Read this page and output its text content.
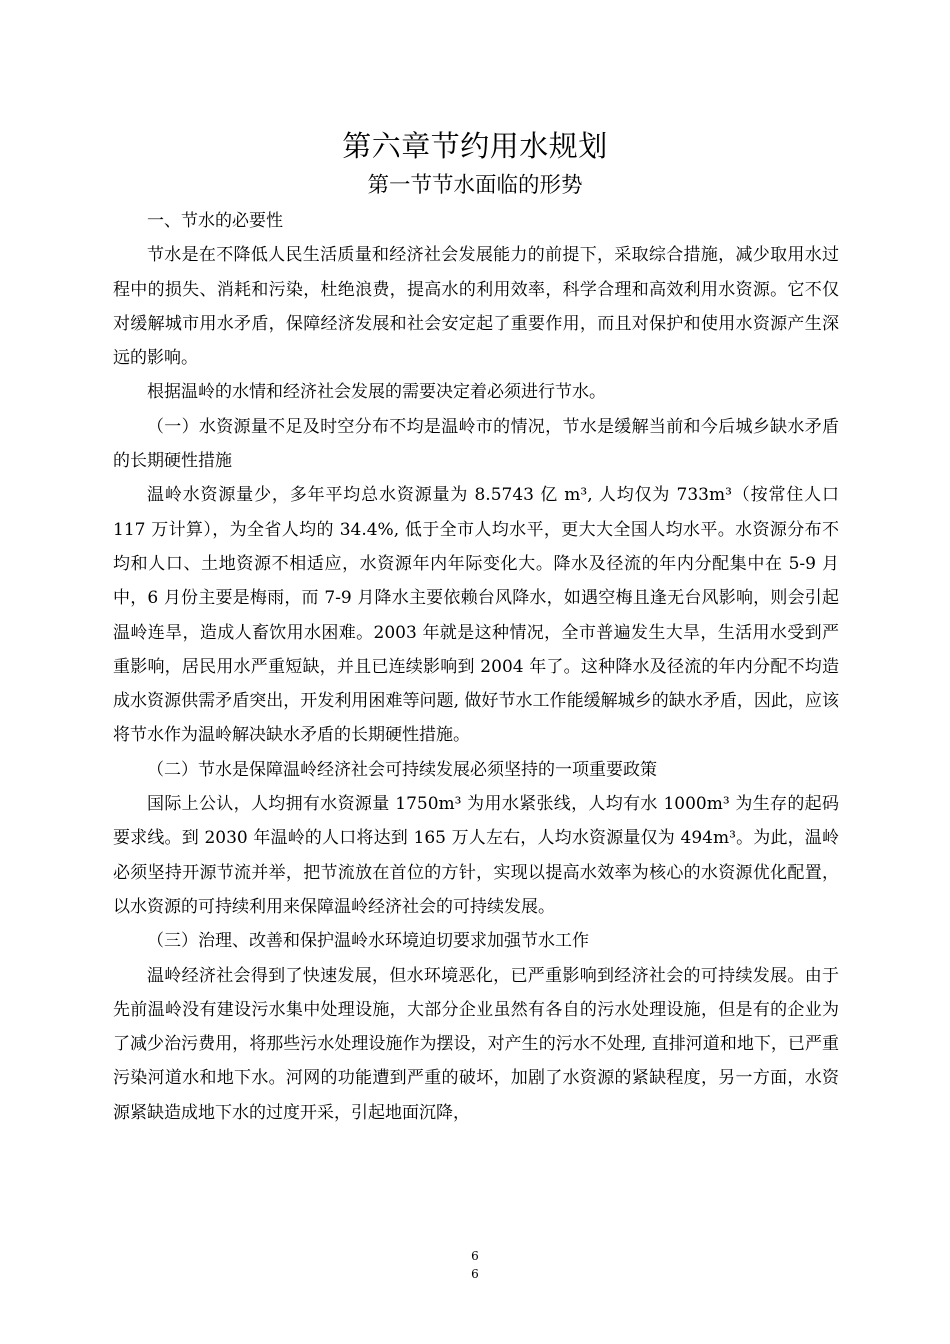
第六章节约用水规划
第一节节水面临的形势

一、节水的必要性

节水是在不降低人民生活质量和经济社会发展能力的前提下，采取综合措施，减少取用水过程中的损失、消耗和污染，杜绝浪费，提高水的利用效率，科学合理和高效利用水资源。它不仅对缓解城市用水矛盾，保障经济发展和社会安定起了重要作用，而且对保护和使用水资源产生深远的影响。

根据温岭的水情和经济社会发展的需要决定着必须进行节水。

（一）水资源量不足及时空分布不均是温岭市的情况，节水是缓解当前和今后城乡缺水矛盾的长期硬性措施

温岭水资源量少，多年平均总水资源量为 8.5743 亿 m³, 人均仅为 733m³（按常住人口 117 万计算），为全省人均的 34.4%, 低于全市人均水平，更大大全国人均水平。水资源分布不均和人口、土地资源不相适应，水资源年内年际变化大。降水及径流的年内分配集中在 5-9 月中，6 月份主要是梅雨，而 7-9 月降水主要依赖台风降水，如遇空梅且逢无台风影响，则会引起温岭连旱，造成人畜饮用水困难。2003 年就是这种情况，全市普遍发生大旱，生活用水受到严重影响，居民用水严重短缺，并且已连续影响到 2004 年了。这种降水及径流的年内分配不均造成水资源供需矛盾突出，开发利用困难等问题, 做好节水工作能缓解城乡的缺水矛盾，因此，应该将节水作为温岭解决缺水矛盾的长期硬性措施。

（二）节水是保障温岭经济社会可持续发展必须坚持的一项重要政策

国际上公认，人均拥有水资源量 1750m³ 为用水紧张线，人均有水 1000m³ 为生存的起码要求线。到 2030 年温岭的人口将达到 165 万人左右，人均水资源量仅为 494m³。为此，温岭必须坚持开源节流并举，把节流放在首位的方针，实现以提高水效率为核心的水资源优化配置，以水资源的可持续利用来保障温岭经济社会的可持续发展。

（三）治理、改善和保护温岭水环境迫切要求加强节水工作

温岭经济社会得到了快速发展，但水环境恶化，已严重影响到经济社会的可持续发展。由于先前温岭没有建设污水集中处理设施，大部分企业虽然有各自的污水处理设施，但是有的企业为了减少治污费用，将那些污水处理设施作为摆设，对产生的污水不处理, 直排河道和地下，已严重污染河道水和地下水。河网的功能遭到严重的破坏，加剧了水资源的紧缺程度，另一方面，水资源紧缺造成地下水的过度开采，引起地面沉降，

6
6
